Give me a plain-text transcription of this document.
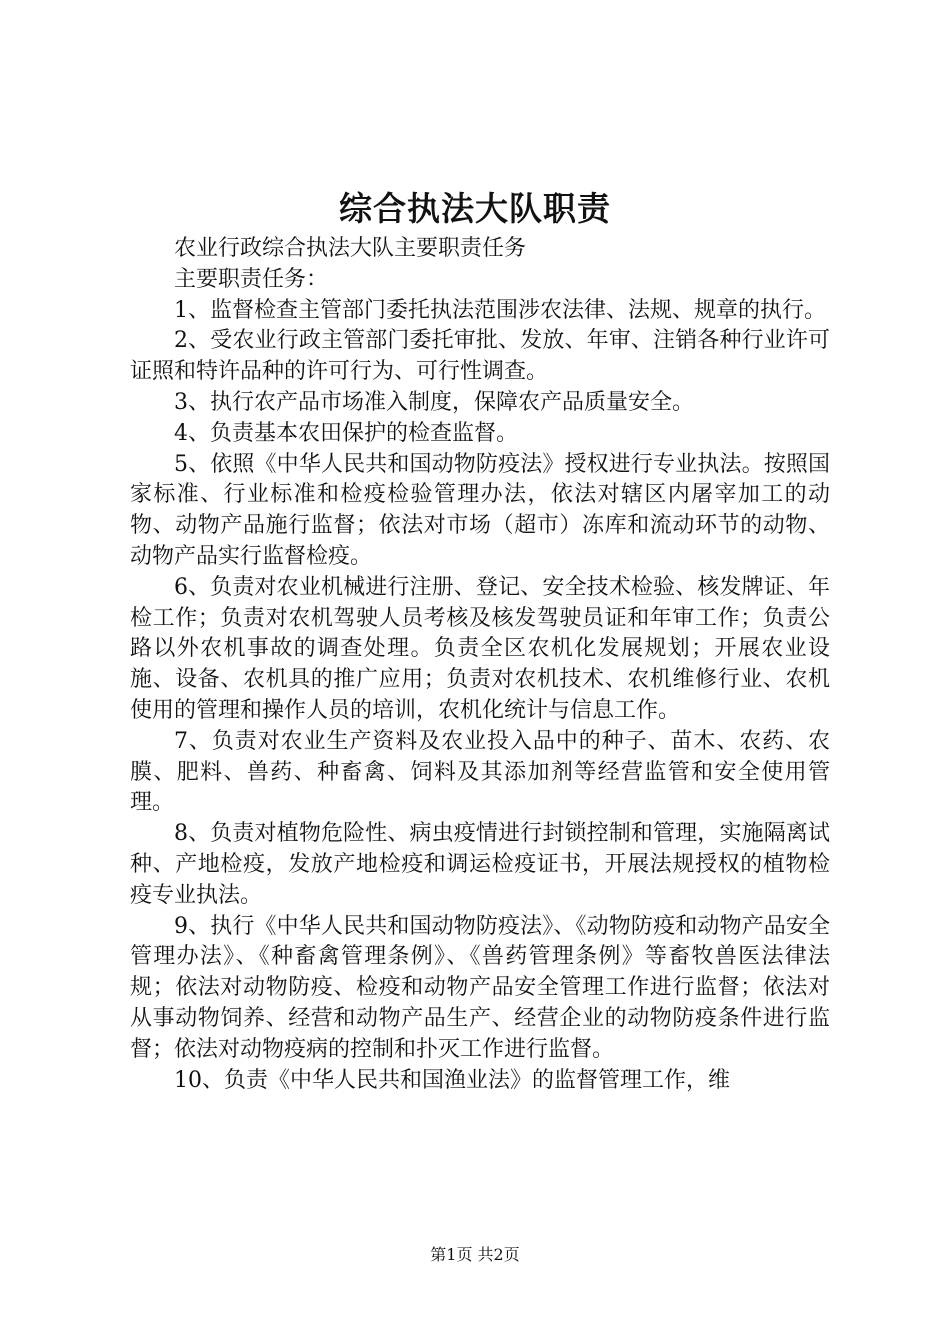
综合执法大队职责

农业行政综合执法大队主要职责任务

主要职责任务：

1、监督检查主管部门委托执法范围涉农法律、法规、规章的执行。

2、受农业行政主管部门委托审批、发放、年审、注销各种行业许可证照和特许品种的许可行为、可行性调查。

3、执行农产品市场准入制度，保障农产品质量安全。

4、负责基本农田保护的检查监督。

5、依照《中华人民共和国动物防疫法》授权进行专业执法。按照国家标准、行业标准和检疫检验管理办法，依法对辖区内屠宰加工的动物、动物产品施行监督；依法对市场（超市）冻库和流动环节的动物、动物产品实行监督检疫。

6、负责对农业机械进行注册、登记、安全技术检验、核发牌证、年检工作；负责对农机驾驶人员考核及核发驾驶员证和年审工作；负责公路以外农机事故的调查处理。负责全区农机化发展规划；开展农业设施、设备、农机具的推广应用；负责对农机技术、农机维修行业、农机使用的管理和操作人员的培训，农机化统计与信息工作。

7、负责对农业生产资料及农业投入品中的种子、苗木、农药、农膜、肥料、兽药、种畜禽、饲料及其添加剂等经营监管和安全使用管理。

8、负责对植物危险性、病虫疫情进行封锁控制和管理，实施隔离试种、产地检疫，发放产地检疫和调运检疫证书，开展法规授权的植物检疫专业执法。

9、执行《中华人民共和国动物防疫法》、《动物防疫和动物产品安全管理办法》、《种畜禽管理条例》、《兽药管理条例》等畜牧兽医法律法规；依法对动物防疫、检疫和动物产品安全管理工作进行监督；依法对从事动物饲养、经营和动物产品生产、经营企业的动物防疫条件进行监督；依法对动物疫病的控制和扑灭工作进行监督。

10、负责《中华人民共和国渔业法》的监督管理工作，维

第1页 共2页
